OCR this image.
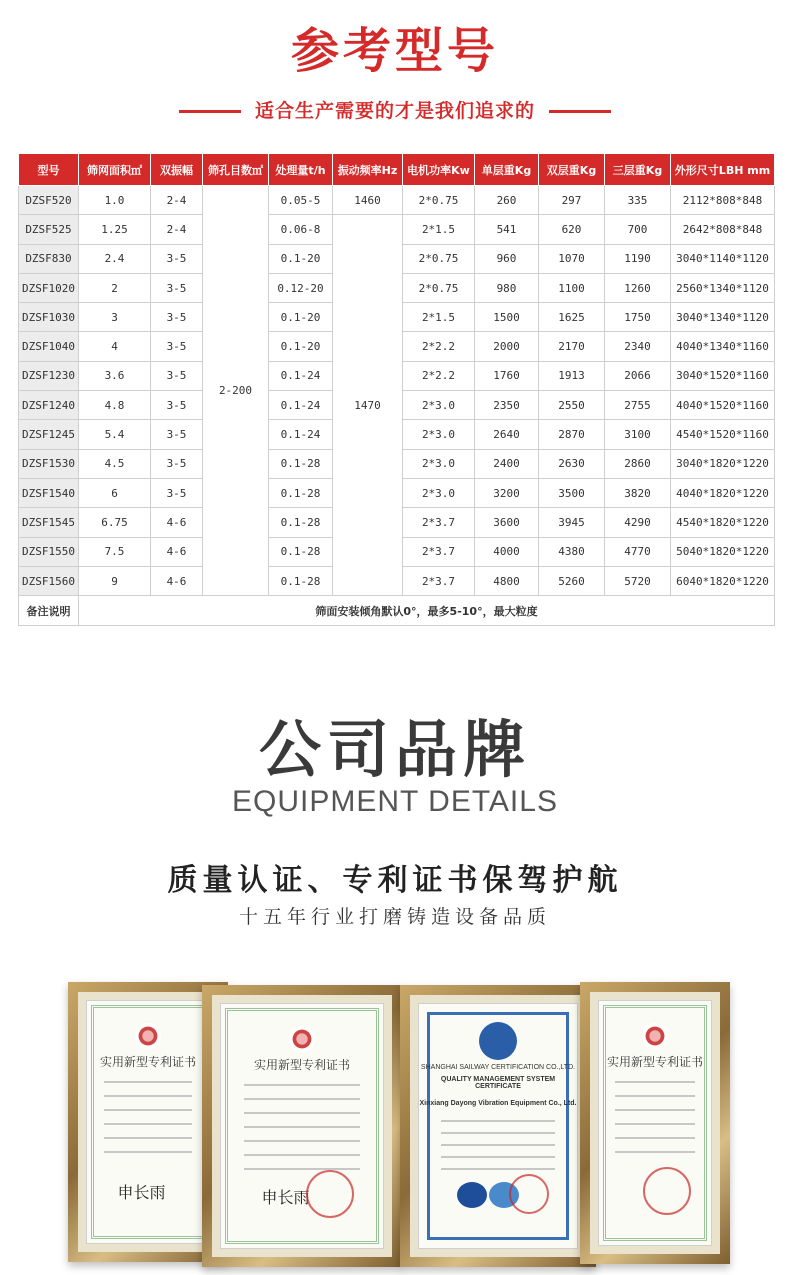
参考型号
适合生产需要的才是我们追求的
型号	筛网面积㎡	双振幅	筛孔目数㎡	处理量t/h	振动频率Hz	电机功率Kw	单层重Kg	双层重Kg	三层重Kg	外形尺寸LBH mm
DZSF520	1.0	2-4	2-200	0.05-5	1460	2*0.75	260	297	335	2112*808*848
DZSF525	1.25	2-4		0.06-8	1470	2*1.5	541	620	700	2642*808*848
DZSF830	2.4	3-5		0.1-20		2*0.75	960	1070	1190	3040*1140*1120
DZSF1020	2	3-5		0.12-20		2*0.75	980	1100	1260	2560*1340*1120
DZSF1030	3	3-5		0.1-20		2*1.5	1500	1625	1750	3040*1340*1120
DZSF1040	4	3-5		0.1-20		2*2.2	2000	2170	2340	4040*1340*1160
DZSF1230	3.6	3-5		0.1-24		2*2.2	1760	1913	2066	3040*1520*1160
DZSF1240	4.8	3-5		0.1-24		2*3.0	2350	2550	2755	4040*1520*1160
DZSF1245	5.4	3-5		0.1-24		2*3.0	2640	2870	3100	4540*1520*1160
DZSF1530	4.5	3-5		0.1-28		2*3.0	2400	2630	2860	3040*1820*1220
DZSF1540	6	3-5		0.1-28		2*3.0	3200	3500	3820	4040*1820*1220
DZSF1545	6.75	4-6		0.1-28		2*3.7	3600	3945	4290	4540*1820*1220
DZSF1550	7.5	4-6		0.1-28		2*3.7	4000	4380	4770	5040*1820*1220
DZSF1560	9	4-6		0.1-28		2*3.7	4800	5260	5720	6040*1820*1220
备注说明	筛面安装倾角默认0°，最多5-10°，最大粒度									
公司品牌
EQUIPMENT DETAILS
质量认证、专利证书保驾护航
十五年行业打磨铸造设备品质
实用新型专利证书
申长雨
实用新型专利证书
申长雨
SHANGHAI SAILWAY CERTIFICATION CO.,LTD.
QUALITY MANAGEMENT SYSTEM CERTIFICATE
Xinxiang Dayong Vibration Equipment Co., Ltd.
实用新型专利证书
